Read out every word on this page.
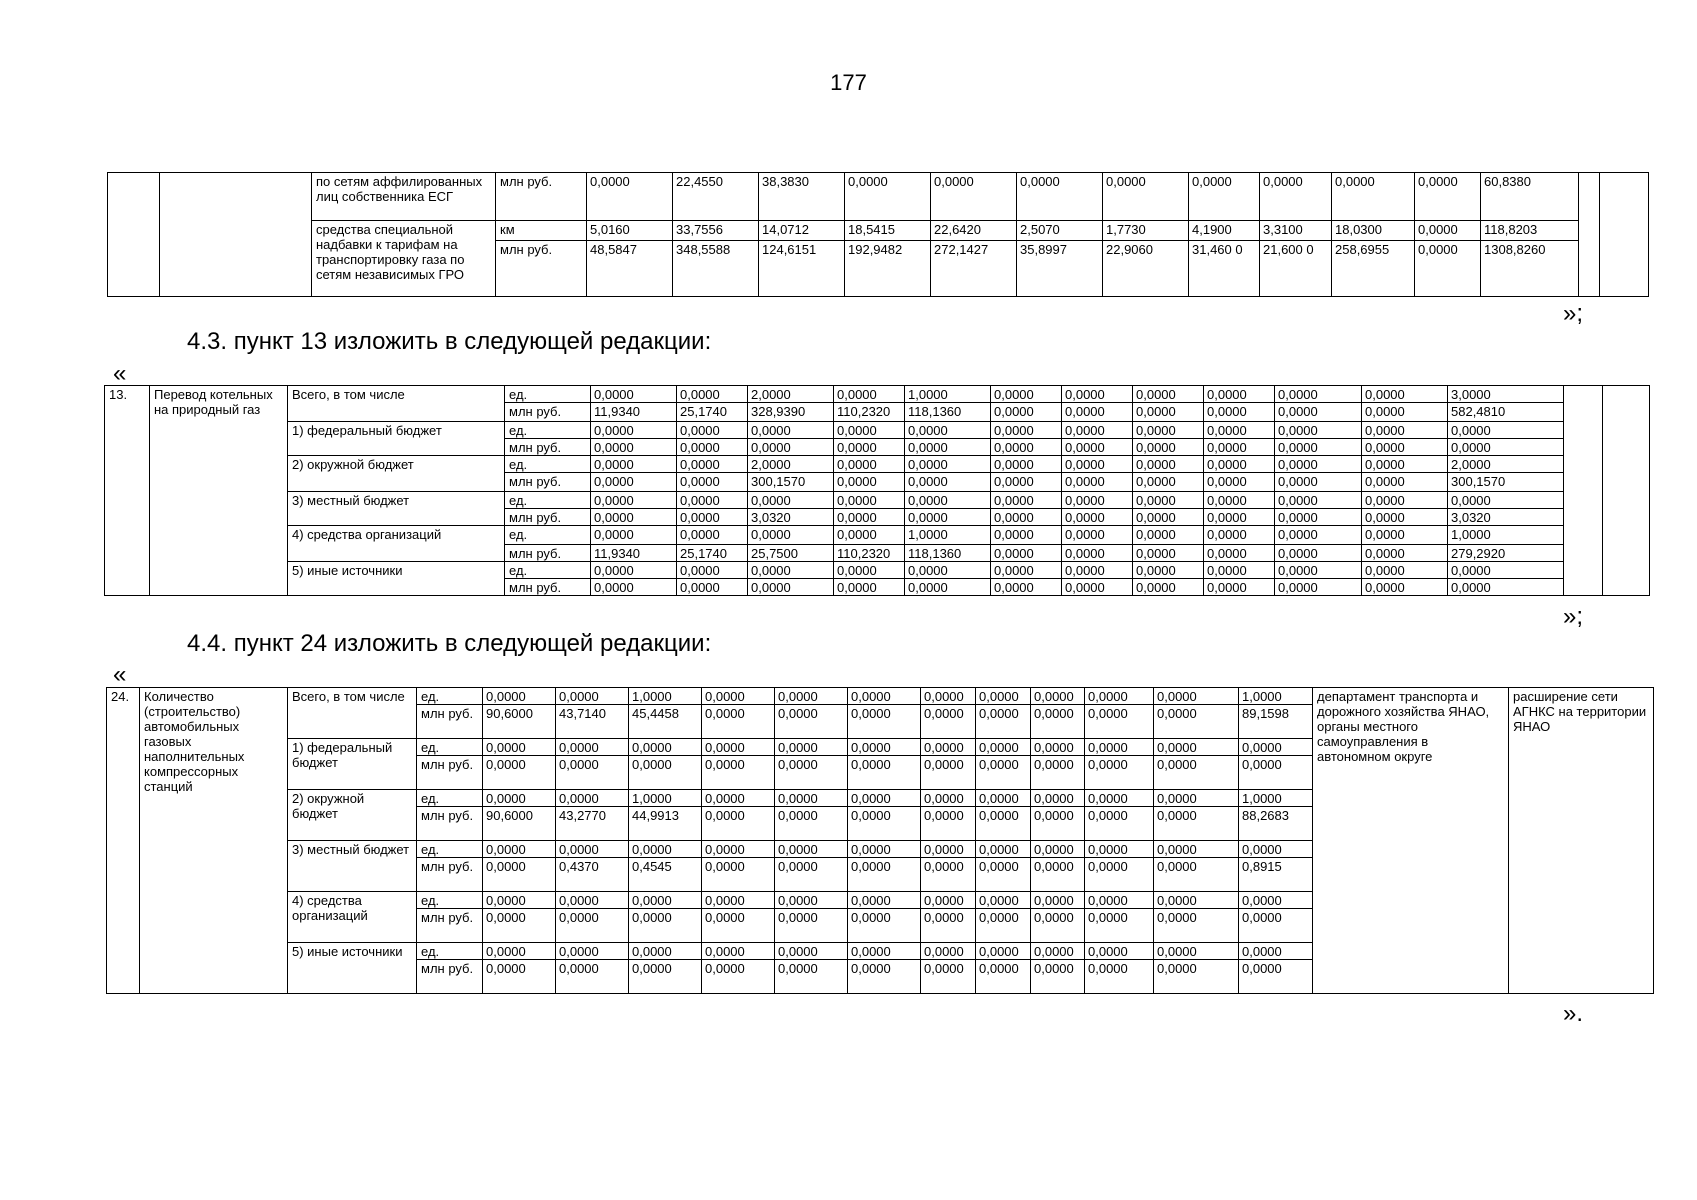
177
		по сетям аффилированных лиц собственника ЕСГ	млн руб.	0,0000	22,4550	38,3830	0,0000	0,0000	0,0000	0,0000	0,0000	0,0000	0,0000	0,0000	60,8380		
		средства специальной надбавки к тарифам на транспортировку газа по сетям независимых ГРО	км	5,0160	33,7556	14,0712	18,5415	22,6420	2,5070	1,7730	4,1900	3,3100	18,0300	0,0000	118,8203		
			млн руб.	48,5847	348,5588	124,6151	192,9482	272,1427	35,8997	22,9060	31,460 0	21,600 0	258,6955	0,0000	1308,8260		
»;
4.3. пункт 13 изложить в следующей редакции:
«
13.	Перевод котельных на природный газ	Всего, в том числе	ед.	0,0000	0,0000	2,0000	0,0000	1,0000	0,0000	0,0000	0,0000	0,0000	0,0000	0,0000	3,0000		
			млн руб.	11,9340	25,1740	328,9390	110,2320	118,1360	0,0000	0,0000	0,0000	0,0000	0,0000	0,0000	582,4810		
		1) федеральный бюджет	ед.	0,0000	0,0000	0,0000	0,0000	0,0000	0,0000	0,0000	0,0000	0,0000	0,0000	0,0000	0,0000		
			млн руб.	0,0000	0,0000	0,0000	0,0000	0,0000	0,0000	0,0000	0,0000	0,0000	0,0000	0,0000	0,0000		
		2) окружной бюджет	ед.	0,0000	0,0000	2,0000	0,0000	0,0000	0,0000	0,0000	0,0000	0,0000	0,0000	0,0000	2,0000		
			млн руб.	0,0000	0,0000	300,1570	0,0000	0,0000	0,0000	0,0000	0,0000	0,0000	0,0000	0,0000	300,1570		
		3) местный бюджет	ед.	0,0000	0,0000	0,0000	0,0000	0,0000	0,0000	0,0000	0,0000	0,0000	0,0000	0,0000	0,0000		
			млн руб.	0,0000	0,0000	3,0320	0,0000	0,0000	0,0000	0,0000	0,0000	0,0000	0,0000	0,0000	3,0320		
		4) средства организаций	ед.	0,0000	0,0000	0,0000	0,0000	1,0000	0,0000	0,0000	0,0000	0,0000	0,0000	0,0000	1,0000		
			млн руб.	11,9340	25,1740	25,7500	110,2320	118,1360	0,0000	0,0000	0,0000	0,0000	0,0000	0,0000	279,2920		
		5) иные источники	ед.	0,0000	0,0000	0,0000	0,0000	0,0000	0,0000	0,0000	0,0000	0,0000	0,0000	0,0000	0,0000		
			млн руб.	0,0000	0,0000	0,0000	0,0000	0,0000	0,0000	0,0000	0,0000	0,0000	0,0000	0,0000	0,0000		
»;
4.4. пункт 24 изложить в следующей редакции:
«
24.	Количество (строительство) автомобильных газовых наполнительных компрессорных станций	Всего, в том числе	ед.	0,0000	0,0000	1,0000	0,0000	0,0000	0,0000	0,0000	0,0000	0,0000	0,0000	0,0000	1,0000	департамент транспорта и дорожного хозяйства ЯНАО, органы местного самоуправления в автономном округе	расширение сети АГНКС на территории ЯНАО
			млн руб.	90,6000	43,7140	45,4458	0,0000	0,0000	0,0000	0,0000	0,0000	0,0000	0,0000	0,0000	89,1598		
		1) федеральный бюджет	ед.	0,0000	0,0000	0,0000	0,0000	0,0000	0,0000	0,0000	0,0000	0,0000	0,0000	0,0000	0,0000		
			млн руб.	0,0000	0,0000	0,0000	0,0000	0,0000	0,0000	0,0000	0,0000	0,0000	0,0000	0,0000	0,0000		
		2) окружной бюджет	ед.	0,0000	0,0000	1,0000	0,0000	0,0000	0,0000	0,0000	0,0000	0,0000	0,0000	0,0000	1,0000		
			млн руб.	90,6000	43,2770	44,9913	0,0000	0,0000	0,0000	0,0000	0,0000	0,0000	0,0000	0,0000	88,2683		
		3) местный бюджет	ед.	0,0000	0,0000	0,0000	0,0000	0,0000	0,0000	0,0000	0,0000	0,0000	0,0000	0,0000	0,0000		
			млн руб.	0,0000	0,4370	0,4545	0,0000	0,0000	0,0000	0,0000	0,0000	0,0000	0,0000	0,0000	0,8915		
		4) средства организаций	ед.	0,0000	0,0000	0,0000	0,0000	0,0000	0,0000	0,0000	0,0000	0,0000	0,0000	0,0000	0,0000		
			млн руб.	0,0000	0,0000	0,0000	0,0000	0,0000	0,0000	0,0000	0,0000	0,0000	0,0000	0,0000	0,0000		
		5) иные источники	ед.	0,0000	0,0000	0,0000	0,0000	0,0000	0,0000	0,0000	0,0000	0,0000	0,0000	0,0000	0,0000		
			млн руб.	0,0000	0,0000	0,0000	0,0000	0,0000	0,0000	0,0000	0,0000	0,0000	0,0000	0,0000	0,0000		
».
